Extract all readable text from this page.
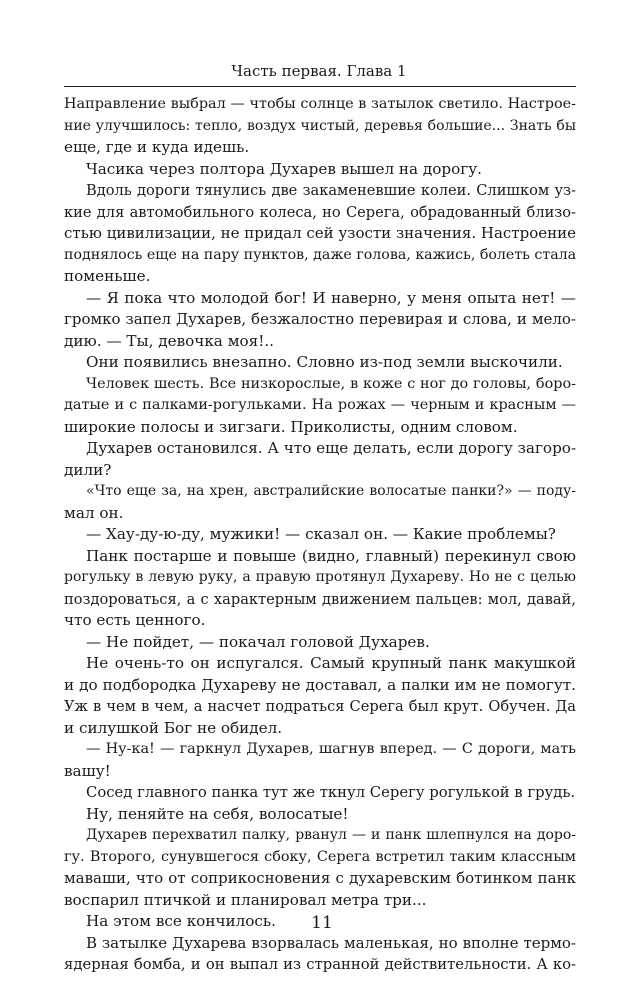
Часть первая. Глава 1
Направление выбрал — чтобы солнце в затылок светило. Настрое-
ние улучшилось: тепло, воздух чистый, деревья большие... Знать бы
еще, где и куда идешь.
Часика через полтора Духарев вышел на дорогу.
Вдоль дороги тянулись две закаменевшие колеи. Слишком уз-
кие для автомобильного колеса, но Серега, обрадованный близо-
стью цивилизации, не придал сей узости значения. Настроение
поднялось еще на пару пунктов, даже голова, кажись, болеть стала
поменьше.
— Я пока что молодой бог! И наверно, у меня опыта нет! —
громко запел Духарев, безжалостно перевирая и слова, и мело-
дию. — Ты, девочка моя!..
Они появились внезапно. Словно из-под земли выскочили.
Человек шесть. Все низкорослые, в коже с ног до головы, боро-
датые и с палками-рогульками. На рожах — черным и красным —
широкие полосы и зигзаги. Приколисты, одним словом.
Духарев остановился. А что еще делать, если дорогу загоро-
дили?
«Что еще за, на хрен, австралийские волосатые панки?» — поду-
мал он.
— Хау-ду-ю-ду, мужики! — сказал он. — Какие проблемы?
Панк постарше и повыше (видно, главный) перекинул свою
рогульку в левую руку, а правую протянул Духареву. Но не с целью
поздороваться, а с характерным движением пальцев: мол, давай,
что есть ценного.
— Не пойдет, — покачал головой Духарев.
Не очень-то он испугался. Самый крупный панк макушкой
и до подбородка Духареву не доставал, а палки им не помогут.
Уж в чем в чем, а насчет подраться Серега был крут. Обучен. Да
и силушкой Бог не обидел.
— Ну-ка! — гаркнул Духарев, шагнув вперед. — С дороги, мать
вашу!
Сосед главного панка тут же ткнул Серегу рогулькой в грудь.
Ну, пеняйте на себя, волосатые!
Духарев перехватил палку, рванул — и панк шлепнулся на доро-
гу. Второго, сунувшегося сбоку, Серега встретил таким классным
маваши, что от соприкосновения с духаревским ботинком панк
воспарил птичкой и планировал метра три...
На этом все кончилось.
В затылке Духарева взорвалась маленькая, но вполне термо-
ядерная бомба, и он выпал из странной действительности. А ко-
11
